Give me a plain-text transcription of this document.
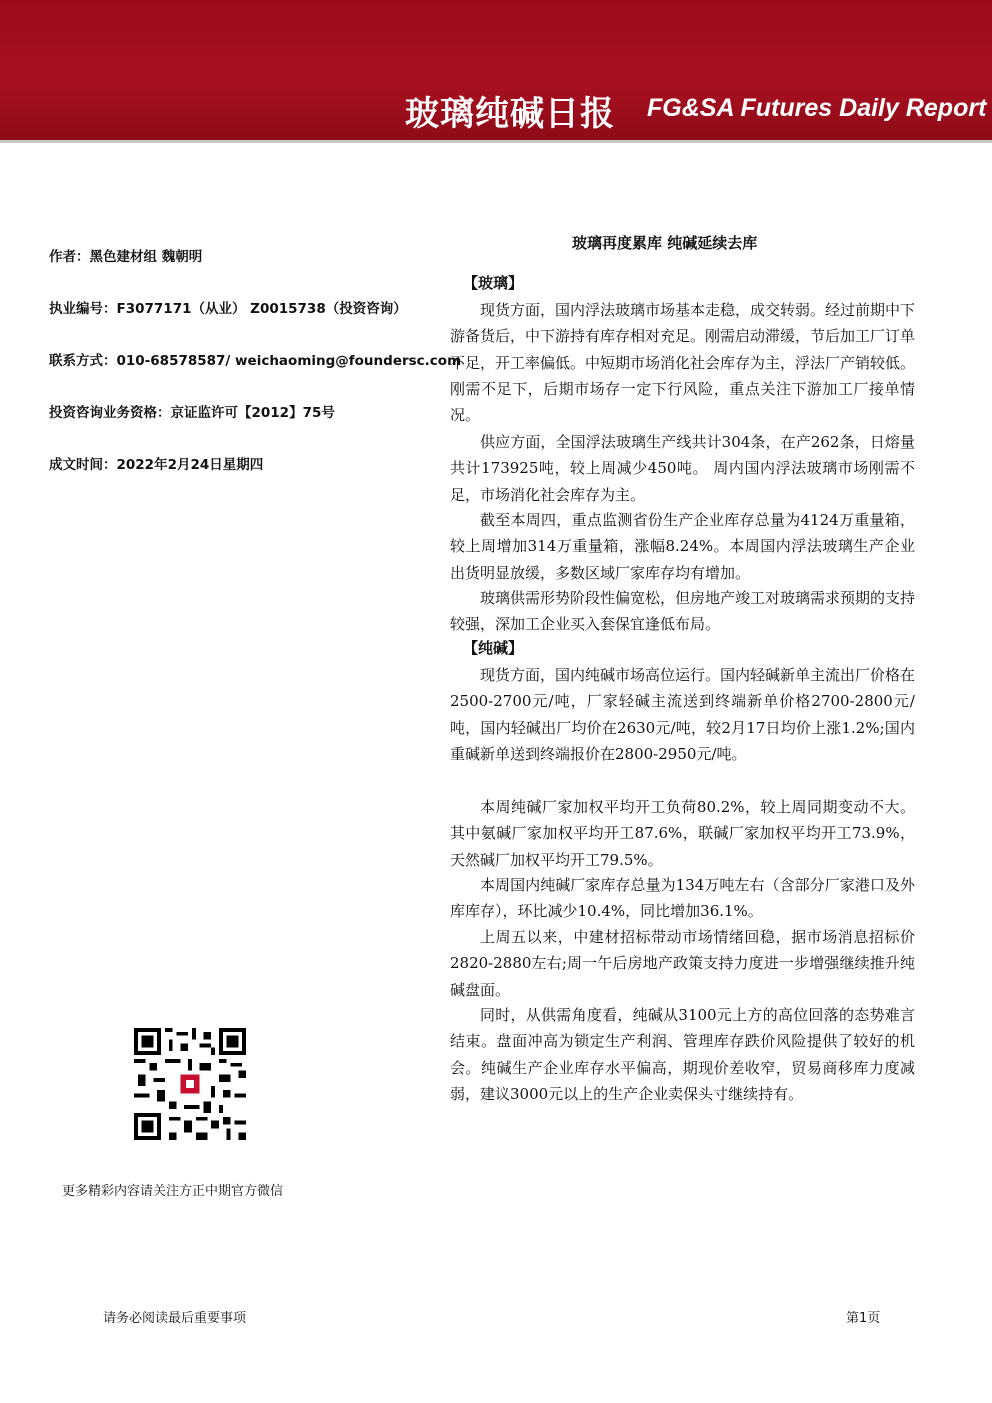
玻璃纯碱日报 FG&SA Futures Daily Report
作者：黑色建材组 魏朝明
执业编号：F3077171（从业） Z0015738（投资咨询）
联系方式：010-68578587/ weichaoming@foundersc.com
投资咨询业务资格：京证监许可【2012】75号
成文时间：2022年2月24日星期四
玻璃再度累库 纯碱延续去库
【玻璃】

现货方面，国内浮法玻璃市场基本走稳，成交转弱。经过前期中下游备货后，中下游持有库存相对充足。刚需启动滞缓，节后加工厂订单不足，开工率偏低。中短期市场消化社会库存为主，浮法厂产销较低。刚需不足下，后期市场存一定下行风险，重点关注下游加工厂接单情况。

供应方面，全国浮法玻璃生产线共计304条，在产262条，日熔量共计173925吨，较上周减少450吨。 周内国内浮法玻璃市场刚需不足，市场消化社会库存为主。

截至本周四，重点监测省份生产企业库存总量为4124万重量箱，较上周增加314万重量箱，涨幅8.24%。本周国内浮法玻璃生产企业出货明显放缓，多数区域厂家库存均有增加。

玻璃供需形势阶段性偏宽松，但房地产竣工对玻璃需求预期的支持较强，深加工企业买入套保宜逢低布局。

【纯碱】

现货方面，国内纯碱市场高位运行。国内轻碱新单主流出厂价格在2500-2700元/吨，厂家轻碱主流送到终端新单价格2700-2800元/吨，国内轻碱出厂均价在2630元/吨，较2月17日均价上涨1.2%;国内重碱新单送到终端报价在2800-2950元/吨。

本周纯碱厂家加权平均开工负荷80.2%，较上周同期变动不大。其中氨碱厂家加权平均开工87.6%，联碱厂家加权平均开工73.9%，天然碱厂加权平均开工79.5%。

本周国内纯碱厂家库存总量为134万吨左右（含部分厂家港口及外库库存），环比减少10.4%，同比增加36.1%。

上周五以来，中建材招标带动市场情绪回稳，据市场消息招标价2820-2880左右;周一午后房地产政策支持力度进一步增强继续推升纯碱盘面。

同时，从供需角度看，纯碱从3100元上方的高位回落的态势难言结束。盘面冲高为锁定生产利润、管理库存跌价风险提供了较好的机会。纯碱生产企业库存水平偏高，期现价差收窄，贸易商移库力度减弱，建议3000元以上的生产企业卖保头寸继续持有。

更多精彩内容请关注方正中期官方微信
请务必阅读最后重要事项	第1页
